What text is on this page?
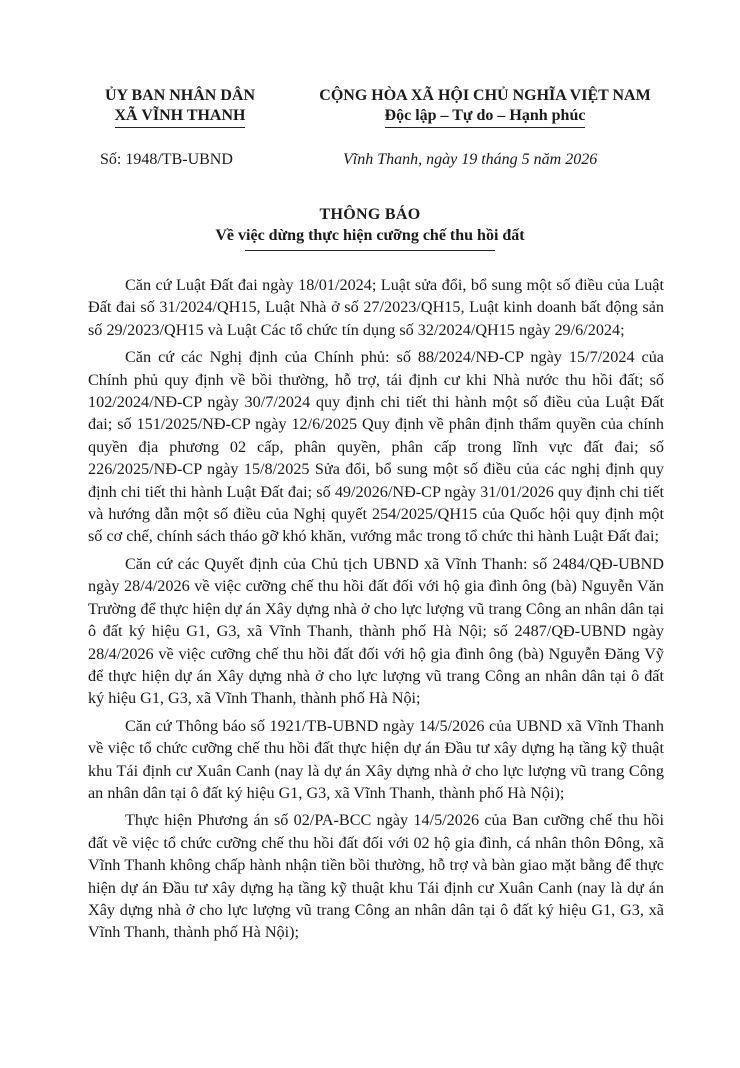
ỦY BAN NHÂN DÂN
XÃ VĨNH THANH
CỘNG HÒA XÃ HỘI CHỦ NGHĨA VIỆT NAM
Độc lập – Tự do – Hạnh phúc
Số: 1948/TB-UBND	Vĩnh Thanh, ngày 19 tháng 5 năm 2026
THÔNG BÁO
Về việc dừng thực hiện cưỡng chế thu hồi đất

Căn cứ Luật Đất đai ngày 18/01/2024; Luật sửa đổi, bổ sung một số điều của Luật Đất đai số 31/2024/QH15, Luật Nhà ở số 27/2023/QH15, Luật kinh doanh bất động sản số 29/2023/QH15 và Luật Các tổ chức tín dụng số 32/2024/QH15 ngày 29/6/2024;

Căn cứ các Nghị định của Chính phủ: số 88/2024/NĐ-CP ngày 15/7/2024 của Chính phủ quy định về bồi thường, hỗ trợ, tái định cư khi Nhà nước thu hồi đất; số 102/2024/NĐ-CP ngày 30/7/2024 quy định chi tiết thi hành một số điều của Luật Đất đai; số 151/2025/NĐ-CP ngày 12/6/2025 Quy định về phân định thẩm quyền của chính quyền địa phương 02 cấp, phân quyền, phân cấp trong lĩnh vực đất đai; số 226/2025/NĐ-CP ngày 15/8/2025 Sửa đổi, bổ sung một số điều của các nghị định quy định chi tiết thi hành Luật Đất đai; số 49/2026/NĐ-CP ngày 31/01/2026 quy định chi tiết và hướng dẫn một số điều của Nghị quyết 254/2025/QH15 của Quốc hội quy định một số cơ chế, chính sách tháo gỡ khó khăn, vướng mắc trong tổ chức thi hành Luật Đất đai;

Căn cứ các Quyết định của Chủ tịch UBND xã Vĩnh Thanh: số 2484/QĐ-UBND ngày 28/4/2026 về việc cưỡng chế thu hồi đất đối với hộ gia đình ông (bà) Nguyễn Văn Trường để thực hiện dự án Xây dựng nhà ở cho lực lượng vũ trang Công an nhân dân tại ô đất ký hiệu G1, G3, xã Vĩnh Thanh, thành phố Hà Nội; số 2487/QĐ-UBND ngày 28/4/2026 về việc cưỡng chế thu hồi đất đối với hộ gia đình ông (bà) Nguyễn Đăng Vỹ để thực hiện dự án Xây dựng nhà ở cho lực lượng vũ trang Công an nhân dân tại ô đất ký hiệu G1, G3, xã Vĩnh Thanh, thành phố Hà Nội;

Căn cứ Thông báo số 1921/TB-UBND ngày 14/5/2026 của UBND xã Vĩnh Thanh về việc tổ chức cưỡng chế thu hồi đất thực hiện dự án Đầu tư xây dựng hạ tầng kỹ thuật khu Tái định cư Xuân Canh (nay là dự án Xây dựng nhà ở cho lực lượng vũ trang Công an nhân dân tại ô đất ký hiệu G1, G3, xã Vĩnh Thanh, thành phố Hà Nội);

Thực hiện Phương án số 02/PA-BCC ngày 14/5/2026 của Ban cưỡng chế thu hồi đất về việc tổ chức cưỡng chế thu hồi đất đối với 02 hộ gia đình, cá nhân thôn Đông, xã Vĩnh Thanh không chấp hành nhận tiền bồi thường, hỗ trợ và bàn giao mặt bằng để thực hiện dự án Đầu tư xây dựng hạ tầng kỹ thuật khu Tái định cư Xuân Canh (nay là dự án Xây dựng nhà ở cho lực lượng vũ trang Công an nhân dân tại ô đất ký hiệu G1, G3, xã Vĩnh Thanh, thành phố Hà Nội);
